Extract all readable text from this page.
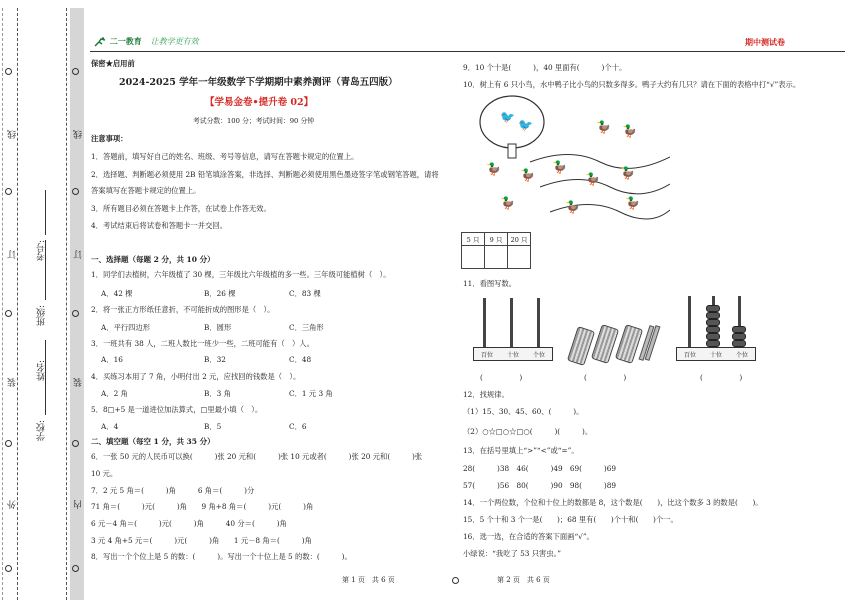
线
订
装
外
线
订
装
内
学校:
姓名:
班级:
考号:
二一教育 让教学更有效	期中测试卷
保密★启用前
2024-2025 学年一年级数学下学期期中素养测评（青岛五四版）
【学易金卷•提升卷 02】
考试分数：100 分；考试时间：90 分钟
注意事项：
1．答题前，填写好自己的姓名、班级、考号等信息，请写在答题卡规定的位置上。
2．选择题、判断题必须使用 2B 铅笔填涂答案，非选择、判断题必须使用黑色墨迹签字笔或钢笔答题，请将
答案填写在答题卡规定的位置上。
3．所有题目必须在答题卡上作答，在试卷上作答无效。
4．考试结束后将试卷和答题卡一并交回。
一、选择题（每题 2 分，共 10 分）
1．同学们去植树，六年级植了 30 棵，三年级比六年级植的多一些。三年级可能植树（　）。
A．42 棵	B．26 棵	C．83 棵
2．将一张正方形纸任意折，不可能折成的图形是（　）。
A．平行四边形	B．圆形	C．三角形
3．一班共有 38 人，二班人数比一班少一些，二班可能有（　）人。
A．16	B．32	C．48
4．买练习本用了 7 角，小明付出 2 元，应找回的钱数是（　）。
A．2 角	B．3 角	C．1 元 3 角
5．8□+5 是一道进位加法算式，□里最小填（　）。
A．4	B．5	C．6
二、填空题（每空 1 分，共 35 分）
6．一张 50 元的人民币可以换(　　　)张 20 元和(　　　)张 10 元或者(　　　)张 20 元和(　　　)张
10 元。
7．2 元 5 角＝(　　　)角　　　6 角＝(　　　)分
71 角＝(　　　)元(　　　)角　　9 角+8 角＝(　　　)元(　　　)角
6 元－4 角＝(　　　)元(　　　)角　　　40 分＝(　　　)角
3 元 4 角+5 元＝(　　　)元(　　　)角　　1 元－8 角＝(　　　)角
8．写出一个个位上是 5 的数：(　　　)。写出一个十位上是 5 的数：(　　　)。
9．10 个十是(　　　)，40 里面有(　　　)个十。
10．树上有 6 只小鸟，水中鸭子比小鸟的只数多得多。鸭子大约有几只？请在下面的表格中打“√”表示。
🐦
🐦	🦆 🦆
🦆 🦆
🦆
🦆 🦆
🦆	🦆	🦆
5 只	9 只	20 只

11．看图写数。
百位 十位 个位	百位 十位 个位
(　　　　　)	(　　　　　)	(　　　　　)
12．找规律。
（1）15、30、45、60、(　　　)。
（2）○☆□○☆□○(　　　)(　　　)。
13．在括号里填上“>”“<”或“=”。
28(　　　)38　46(　　　)49　69(　　　)69
57(　　　)56　80(　　　)90　98(　　　)89
14．一个两位数，个位和十位上的数都是 8，这个数是(　　)，比这个数多 3 的数是(　　)。
15．5 个十和 3 个一是(　　)；68 里有(　　)个十和(　　)个一。
16．选一选，在合适的答案下面画“√”。
小绿说：“我吃了 53 只害虫。”
第 1 页　共 6 页	第 2 页　共 6 页
